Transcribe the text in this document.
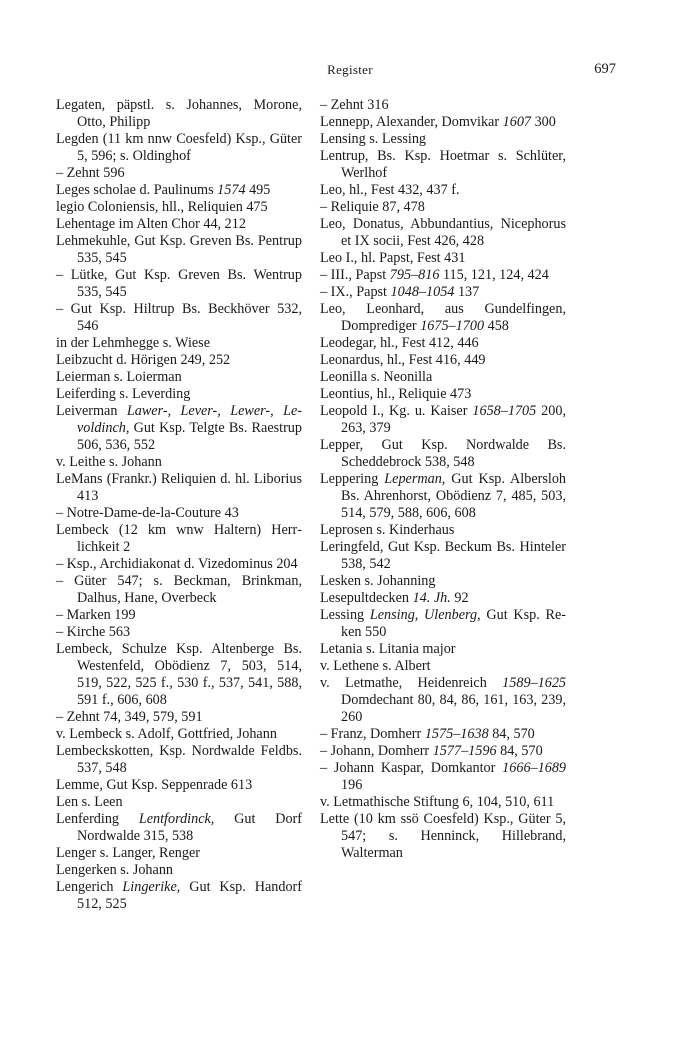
Register	697
Legaten, päpstl. s. Johannes, Morone, Otto, Philipp
Legden (11 km nnw Coesfeld) Ksp., Güter 5, 596; s. Oldinghof
– Zehnt 596
Leges scholae d. Paulinums 1574 495
legio Coloniensis, hll., Reliquien 475
Lehentage im Alten Chor 44, 212
Lehmekuhle, Gut Ksp. Greven Bs. Pentrup 535, 545
– Lütke, Gut Ksp. Greven Bs. Wentrup 535, 545
– Gut Ksp. Hiltrup Bs. Beckhöver 532, 546
in der Lehmhegge s. Wiese
Leibzucht d. Hörigen 249, 252
Leierman s. Loierman
Leiferding s. Leverding
Leiverman Lawer-, Lever-, Lewer-, Levoldinch, Gut Ksp. Telgte Bs. Raestrup 506, 536, 552
v. Leithe s. Johann
LeMans (Frankr.) Reliquien d. hl. Liborius 413
– Notre-Dame-de-la-Couture 43
Lembeck (12 km wnw Haltern) Herrlichkeit 2
– Ksp., Archidiakonat d. Vizedominus 204
– Güter 547; s. Beckman, Brinkman, Dalhus, Hane, Overbeck
– Marken 199
– Kirche 563
Lembeck, Schulze Ksp. Altenberge Bs. Westenfeld, Obödienz 7, 503, 514, 519, 522, 525 f., 530 f., 537, 541, 588, 591 f., 606, 608
– Zehnt 74, 349, 579, 591
v. Lembeck s. Adolf, Gottfried, Johann
Lembeckskotten, Ksp. Nordwalde Feldbs. 537, 548
Lemme, Gut Ksp. Seppenrade 613
Len s. Leen
Lenferding Lentfordinck, Gut Dorf Nordwalde 315, 538
Lenger s. Langer, Renger
Lengerken s. Johann
Lengerich Lingerike, Gut Ksp. Handorf 512, 525
– Zehnt 316
Lennepp, Alexander, Domvikar 1607 300
Lensing s. Lessing
Lentrup, Bs. Ksp. Hoetmar s. Schlüter, Werlhof
Leo, hl., Fest 432, 437 f.
– Reliquie 87, 478
Leo, Donatus, Abbundantius, Nicephorus et IX socii, Fest 426, 428
Leo I., hl. Papst, Fest 431
– III., Papst 795–816 115, 121, 124, 424
– IX., Papst 1048–1054 137
Leo, Leonhard, aus Gundelfingen, Domprediger 1675–1700 458
Leodegar, hl., Fest 412, 446
Leonardus, hl., Fest 416, 449
Leonilla s. Neonilla
Leontius, hl., Reliquie 473
Leopold I., Kg. u. Kaiser 1658–1705 200, 263, 379
Lepper, Gut Ksp. Nordwalde Bs. Scheddebrock 538, 548
Leppering Leperman, Gut Ksp. Albersloh Bs. Ahrenhorst, Obödienz 7, 485, 503, 514, 579, 588, 606, 608
Leprosen s. Kinderhaus
Leringfeld, Gut Ksp. Beckum Bs. Hinteler 538, 542
Lesken s. Johanning
Lesepultdecken 14. Jh. 92
Lessing Lensing, Ulenberg, Gut Ksp. Reken 550
Letania s. Litania major
v. Lethene s. Albert
v. Letmathe, Heidenreich 1589–1625 Domdechant 80, 84, 86, 161, 163, 239, 260
– Franz, Domherr 1575–1638 84, 570
– Johann, Domherr 1577–1596 84, 570
– Johann Kaspar, Domkantor 1666–1689 196
v. Letmathische Stiftung 6, 104, 510, 611
Lette (10 km ssö Coesfeld) Ksp., Güter 5, 547; s. Henninck, Hillebrand, Walterman
